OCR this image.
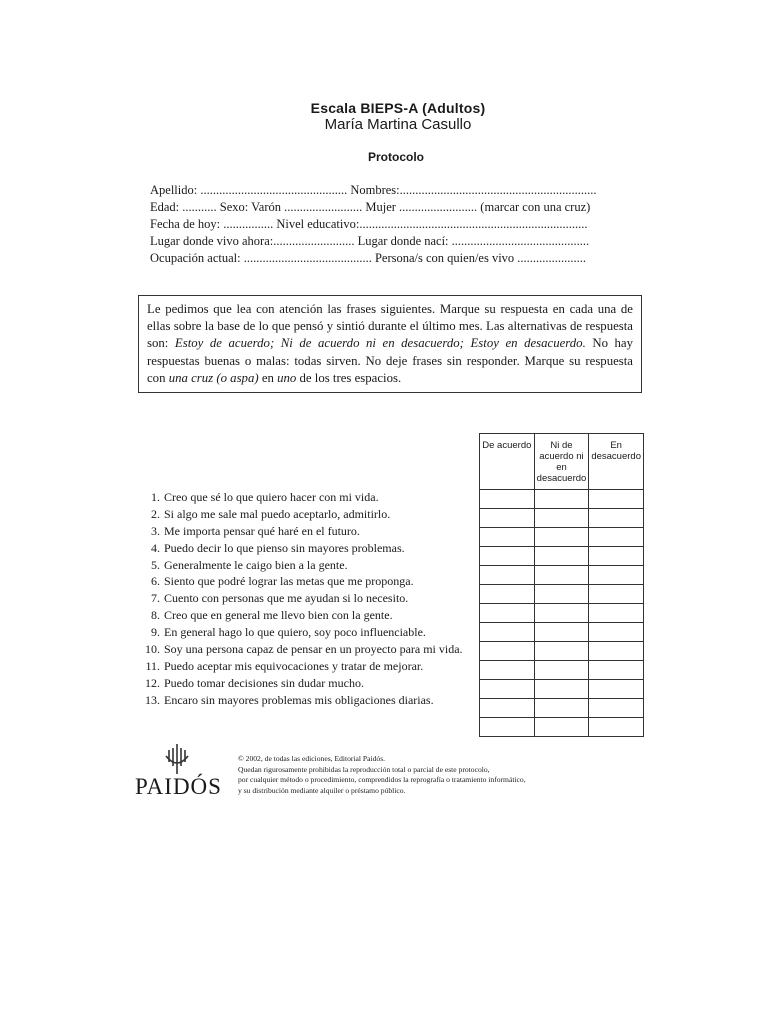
Escala BIEPS-A (Adultos)
María Martina Casullo
Protocolo
Apellido: ............................................... Nombres:...............................................................
Edad: ........... Sexo: Varón ......................... Mujer ......................... (marcar con una cruz)
Fecha de hoy: ................ Nivel educativo:.........................................................................
Lugar donde vivo ahora:.......................... Lugar donde nací: ............................................
Ocupación actual: ......................................... Persona/s con quien/es vivo ......................
Le pedimos que lea con atención las frases siguientes. Marque su respuesta en cada una de ellas sobre la base de lo que pensó y sintió durante el último mes. Las alternativas de respuesta son: Estoy de acuerdo; Ni de acuerdo ni en desacuerdo; Estoy en desacuerdo. No hay respuestas buenas o malas: todas sirven. No deje frases sin responder. Marque su respuesta con una cruz (o aspa) en uno de los tres espacios.
De acuerdo	Ni de acuerdo ni en desacuerdo	En desacuerdo

1. Creo que sé lo que quiero hacer con mi vida.
2. Si algo me sale mal puedo aceptarlo, admitirlo.
3. Me importa pensar qué haré en el futuro.
4. Puedo decir lo que pienso sin mayores problemas.
5. Generalmente le caigo bien a la gente.
6. Siento que podré lograr las metas que me proponga.
7. Cuento con personas que me ayudan si lo necesito.
8. Creo que en general me llevo bien con la gente.
9. En general hago lo que quiero, soy poco influenciable.
10. Soy una persona capaz de pensar en un proyecto para mi vida.
11. Puedo aceptar mis equivocaciones y tratar de mejorar.
12. Puedo tomar decisiones sin dudar mucho.
13. Encaro sin mayores problemas mis obligaciones diarias.
PAIDÓS
© 2002, de todas las ediciones, Editorial Paidós.
Quedan rigurosamente prohibidas la reproducción total o parcial de este protocolo,
por cualquier método o procedimiento, comprendidos la reprografía o tratamiento informático,
y su distribución mediante alquiler o préstamo público.
